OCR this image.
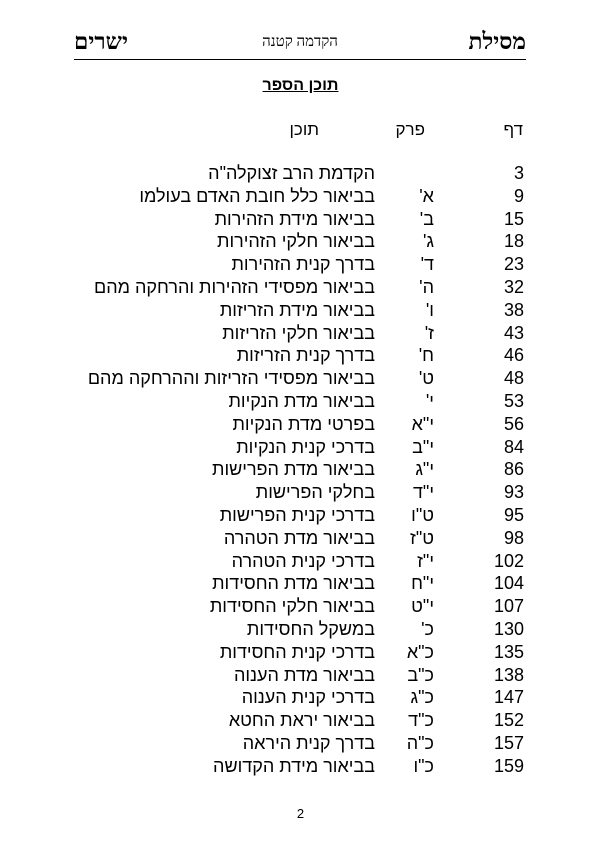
מסילת
הקדמה קטנה
ישרים
תוכן הספר
דף
פרק
תוכן
3
הקדמת הרב זצוקלה"ה
9
א'
בביאור כלל חובת האדם בעולמו
15
ב'
בביאור מידת הזהירות
18
ג'
בביאור חלקי הזהירות
23
ד'
בדרך קנית הזהירות
32
ה'
בביאור מפסידי הזהירות והרחקה מהם
38
ו'
בביאור מידת הזריזות
43
ז'
בביאור חלקי הזריזות
46
ח'
בדרך קנית הזריזות
48
ט'
בביאור מפסידי הזריזות וההרחקה מהם
53
י'
בביאור מדת הנקיות
56
י"א
בפרטי מדת הנקיות
84
י"ב
בדרכי קנית הנקיות
86
י"ג
בביאור מדת הפרישות
93
י"ד
בחלקי הפרישות
95
ט"ו
בדרכי קנית הפרישות
98
ט"ז
בביאור מדת הטהרה
102
י"ז
בדרכי קנית הטהרה
104
י"ח
בביאור מדת החסידות
107
י"ט
בביאור חלקי החסידות
130
כ'
במשקל החסידות
135
כ"א
בדרכי קנית החסידות
138
כ"ב
בביאור מדת הענוה
147
כ"ג
בדרכי קנית הענוה
152
כ"ד
בביאור יראת החטא
157
כ"ה
בדרך קנית היראה
159
כ"ו
בביאור מידת הקדושה
2
